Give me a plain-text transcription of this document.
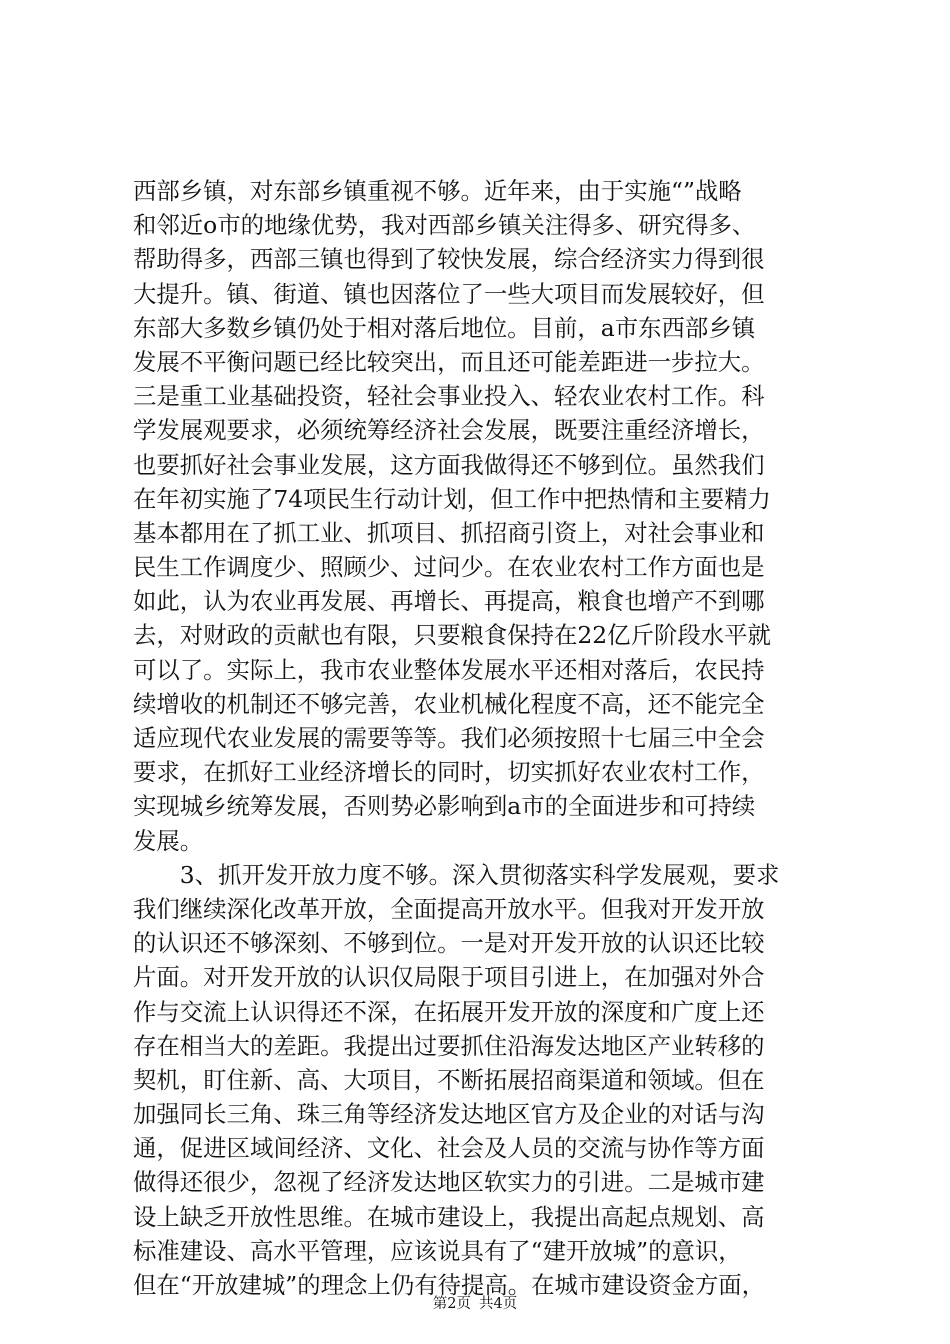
西部乡镇，对东部乡镇重视不够。近年来，由于实施“”战略
和邻近o市的地缘优势，我对西部乡镇关注得多、研究得多、
帮助得多，西部三镇也得到了较快发展，综合经济实力得到很
大提升。镇、街道、镇也因落位了一些大项目而发展较好，但
东部大多数乡镇仍处于相对落后地位。目前，a市东西部乡镇
发展不平衡问题已经比较突出，而且还可能差距进一步拉大。
三是重工业基础投资，轻社会事业投入、轻农业农村工作。科
学发展观要求，必须统筹经济社会发展，既要注重经济增长，
也要抓好社会事业发展，这方面我做得还不够到位。虽然我们
在年初实施了74项民生行动计划，但工作中把热情和主要精力
基本都用在了抓工业、抓项目、抓招商引资上，对社会事业和
民生工作调度少、照顾少、过问少。在农业农村工作方面也是
如此，认为农业再发展、再增长、再提高，粮食也增产不到哪
去，对财政的贡献也有限，只要粮食保持在22亿斤阶段水平就
可以了。实际上，我市农业整体发展水平还相对落后，农民持
续增收的机制还不够完善，农业机械化程度不高，还不能完全
适应现代农业发展的需要等等。我们必须按照十七届三中全会
要求，在抓好工业经济增长的同时，切实抓好农业农村工作，
实现城乡统筹发展，否则势必影响到a市的全面进步和可持续
发展。
　　3、抓开发开放力度不够。深入贯彻落实科学发展观，要求
我们继续深化改革开放，全面提高开放水平。但我对开发开放
的认识还不够深刻、不够到位。一是对开发开放的认识还比较
片面。对开发开放的认识仅局限于项目引进上，在加强对外合
作与交流上认识得还不深，在拓展开发开放的深度和广度上还
存在相当大的差距。我提出过要抓住沿海发达地区产业转移的
契机，盯住新、高、大项目，不断拓展招商渠道和领域。但在
加强同长三角、珠三角等经济发达地区官方及企业的对话与沟
通，促进区域间经济、文化、社会及人员的交流与协作等方面
做得还很少，忽视了经济发达地区软实力的引进。二是城市建
设上缺乏开放性思维。在城市建设上，我提出高起点规划、高
标准建设、高水平管理，应该说具有了“建开放城”的意识，
但在“开放建城”的理念上仍有待提高。在城市建设资金方面，
第2页 共4页
